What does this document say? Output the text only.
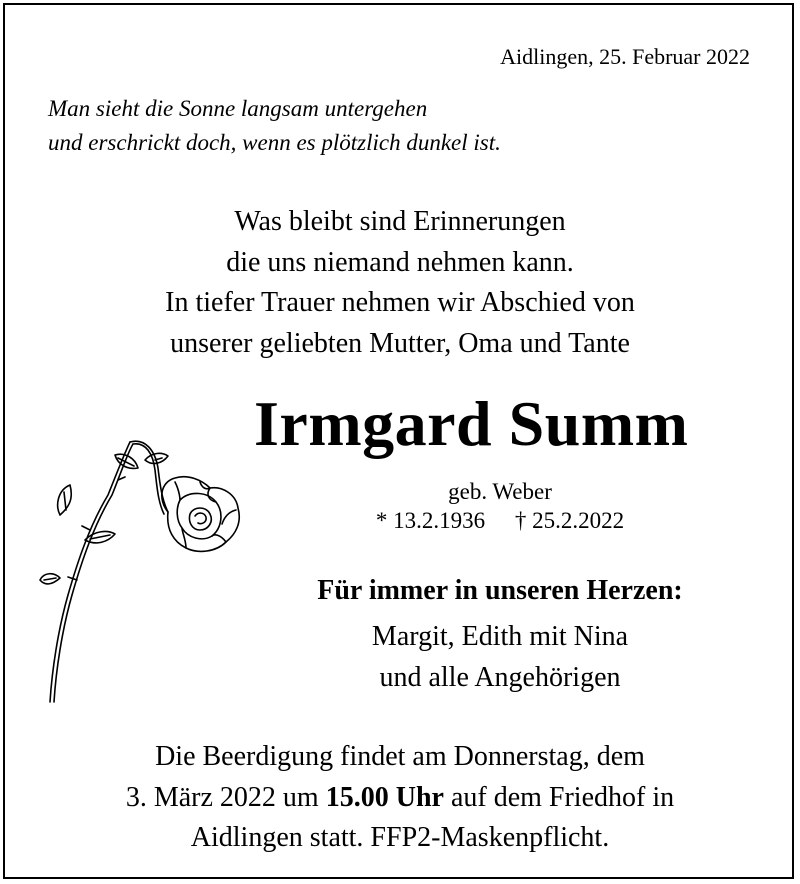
Aidlingen, 25. Februar 2022
Man sieht die Sonne langsam untergehen
und erschrickt doch, wenn es plötzlich dunkel ist.
Was bleibt sind Erinnerungen
die uns niemand nehmen kann.
In tiefer Trauer nehmen wir Abschied von
unserer geliebten Mutter, Oma und Tante
Irmgard Summ
geb. Weber
* 13.2.1936 † 25.2.2022
Für immer in unseren Herzen:
Margit, Edith mit Nina
und alle Angehörigen
Die Beerdigung findet am Donnerstag, dem
3. März 2022 um 15.00 Uhr auf dem Friedhof in
Aidlingen statt. FFP2-Maskenpflicht.
